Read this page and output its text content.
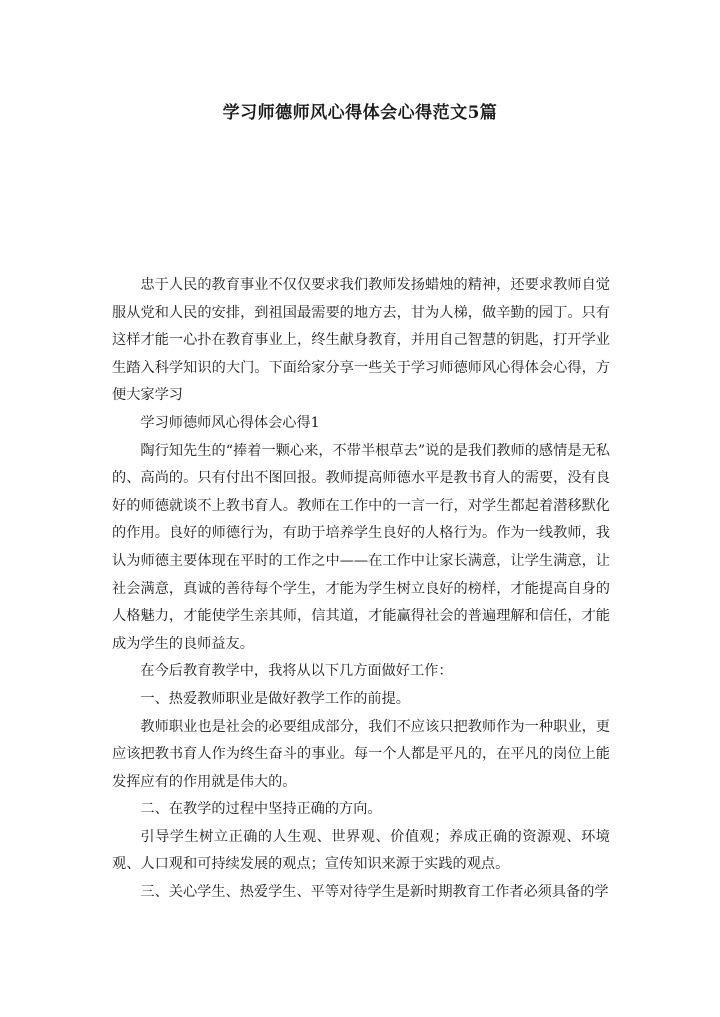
学习师德师风心得体会心得范文5篇

忠于人民的教育事业不仅仅要求我们教师发扬蜡烛的精神，还要求教师自觉服从党和人民的安排，到祖国最需要的地方去，甘为人梯，做辛勤的园丁。只有这样才能一心扑在教育事业上，终生献身教育，并用自己智慧的钥匙，打开学业生踏入科学知识的大门。下面给家分享一些关于学习师德师风心得体会心得，方便大家学习

学习师德师风心得体会心得1

陶行知先生的“捧着一颗心来，不带半根草去”说的是我们教师的感情是无私的、高尚的。只有付出不图回报。教师提高师德水平是教书育人的需要，没有良好的师德就谈不上教书育人。教师在工作中的一言一行，对学生都起着潜移默化的作用。良好的师德行为，有助于培养学生良好的人格行为。作为一线教师，我认为师德主要体现在平时的工作之中——在工作中让家长满意，让学生满意，让社会满意，真诚的善待每个学生，才能为学生树立良好的榜样，才能提高自身的人格魅力，才能使学生亲其师，信其道，才能赢得社会的普遍理解和信任，才能成为学生的良师益友。

在今后教育教学中，我将从以下几方面做好工作：

一、热爱教师职业是做好教学工作的前提。

教师职业也是社会的必要组成部分，我们不应该只把教师作为一种职业，更应该把教书育人作为终生奋斗的事业。每一个人都是平凡的，在平凡的岗位上能发挥应有的作用就是伟大的。

二、在教学的过程中坚持正确的方向。

引导学生树立正确的人生观、世界观、价值观；养成正确的资源观、环境观、人口观和可持续发展的观点；宣传知识来源于实践的观点。

三、关心学生、热爱学生、平等对待学生是新时期教育工作者必须具备的学
